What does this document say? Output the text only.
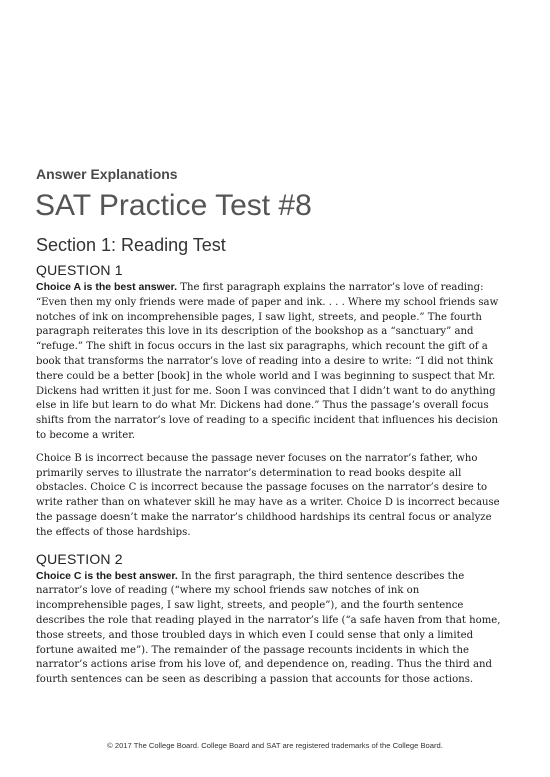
Answer Explanations
SAT Practice Test #8
Section 1: Reading Test
QUESTION 1

Choice A is the best answer. The first paragraph explains the narrator’s love of reading: “Even then my only friends were made of paper and ink. . . . Where my school friends saw notches of ink on incomprehensible pages, I saw light, streets, and people.” The fourth paragraph reiterates this love in its description of the bookshop as a “sanctuary” and “refuge.” The shift in focus occurs in the last six paragraphs, which recount the gift of a book that transforms the narrator’s love of reading into a desire to write: “I did not think there could be a better [book] in the whole world and I was beginning to suspect that Mr. Dickens had written it just for me. Soon I was convinced that I didn’t want to do anything else in life but learn to do what Mr. Dickens had done.” Thus the passage’s overall focus shifts from the narrator’s love of reading to a specific incident that influences his decision to become a writer.

Choice B is incorrect because the passage never focuses on the narrator’s father, who primarily serves to illustrate the narrator’s determination to read books despite all obstacles. Choice C is incorrect because the passage focuses on the narrator’s desire to write rather than on whatever skill he may have as a writer. Choice D is incorrect because the passage doesn’t make the narrator’s childhood hardships its central focus or analyze the effects of those hardships.

QUESTION 2

Choice C is the best answer. In the first paragraph, the third sentence describes the narrator’s love of reading (“where my school friends saw notches of ink on incomprehensible pages, I saw light, streets, and people”), and the fourth sentence describes the role that reading played in the narrator’s life (“a safe haven from that home, those streets, and those troubled days in which even I could sense that only a limited fortune awaited me”). The remainder of the passage recounts incidents in which the narrator’s actions arise from his love of, and dependence on, reading. Thus the third and fourth sentences can be seen as describing a passion that accounts for those actions.

© 2017 The College Board. College Board and SAT are registered trademarks of the College Board.
